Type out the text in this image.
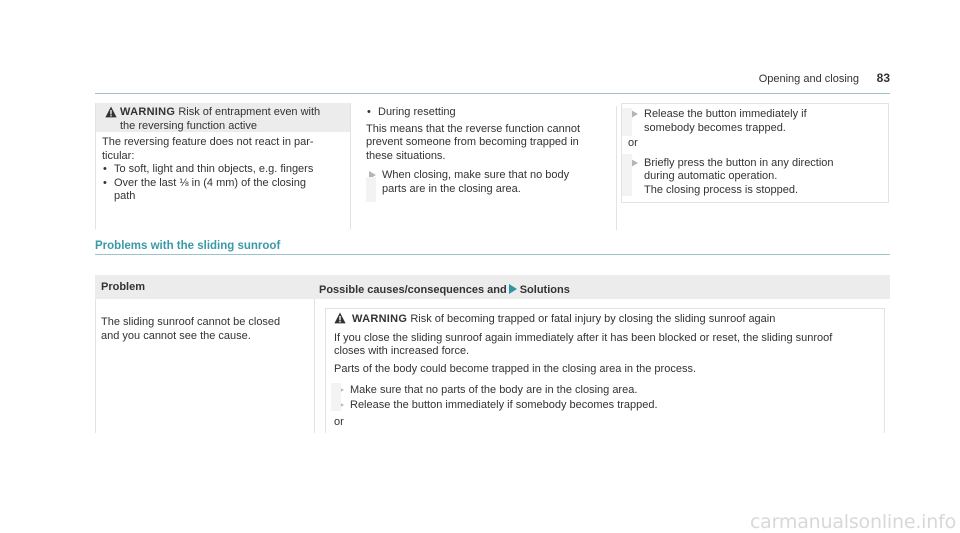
Opening and closing 83
WARNING Risk of entrapment even with
the reversing function active
The reversing feature does not react in par-
ticular:
• To soft, light and thin objects, e.g. fingers
• Over the last ⅛ in (4 mm) of the closing
path
• During resetting
This means that the reverse function cannot
prevent someone from becoming trapped in
these situations.
When closing, make sure that no body
parts are in the closing area.
Release the button immediately if
somebody becomes trapped.
or
Briefly press the button in any direction
during automatic operation.
The closing process is stopped.
Problems with the sliding sunroof
Problem	Possible causes/consequences and Solutions
The sliding sunroof cannot be closed
and you cannot see the cause.
WARNING Risk of becoming trapped or fatal injury by closing the sliding sunroof again
If you close the sliding sunroof again immediately after it has been blocked or reset, the sliding sunroof
closes with increased force.
Parts of the body could become trapped in the closing area in the process.
Make sure that no parts of the body are in the closing area.
Release the button immediately if somebody becomes trapped.
or
carmanualsonline.info
